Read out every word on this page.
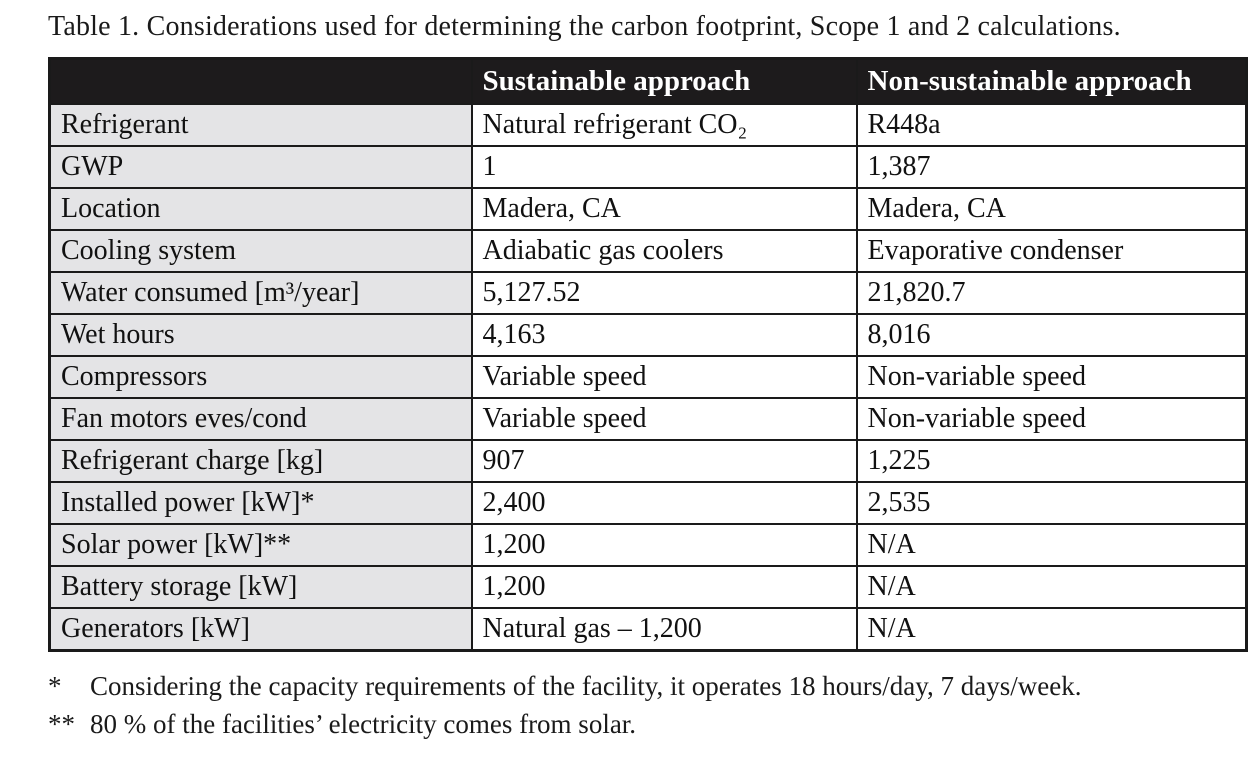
Table 1. Considerations used for determining the carbon footprint, Scope 1 and 2 calculations.
	Sustainable approach	Non-sustainable approach
Refrigerant	Natural refrigerant CO₂	R448a
GWP	1	1,387
Location	Madera, CA	Madera, CA
Cooling system	Adiabatic gas coolers	Evaporative condenser
Water consumed [m³/year]	5,127.52	21,820.7
Wet hours	4,163	8,016
Compressors	Variable speed	Non-variable speed
Fan motors eves/cond	Variable speed	Non-variable speed
Refrigerant charge [kg]	907	1,225
Installed power [kW]*	2,400	2,535
Solar power [kW]**	1,200	N/A
Battery storage [kW]	1,200	N/A
Generators [kW]	Natural gas – 1,200	N/A
*	Considering the capacity requirements of the facility, it operates 18 hours/day, 7 days/week.
** 80 % of the facilities’ electricity comes from solar.
